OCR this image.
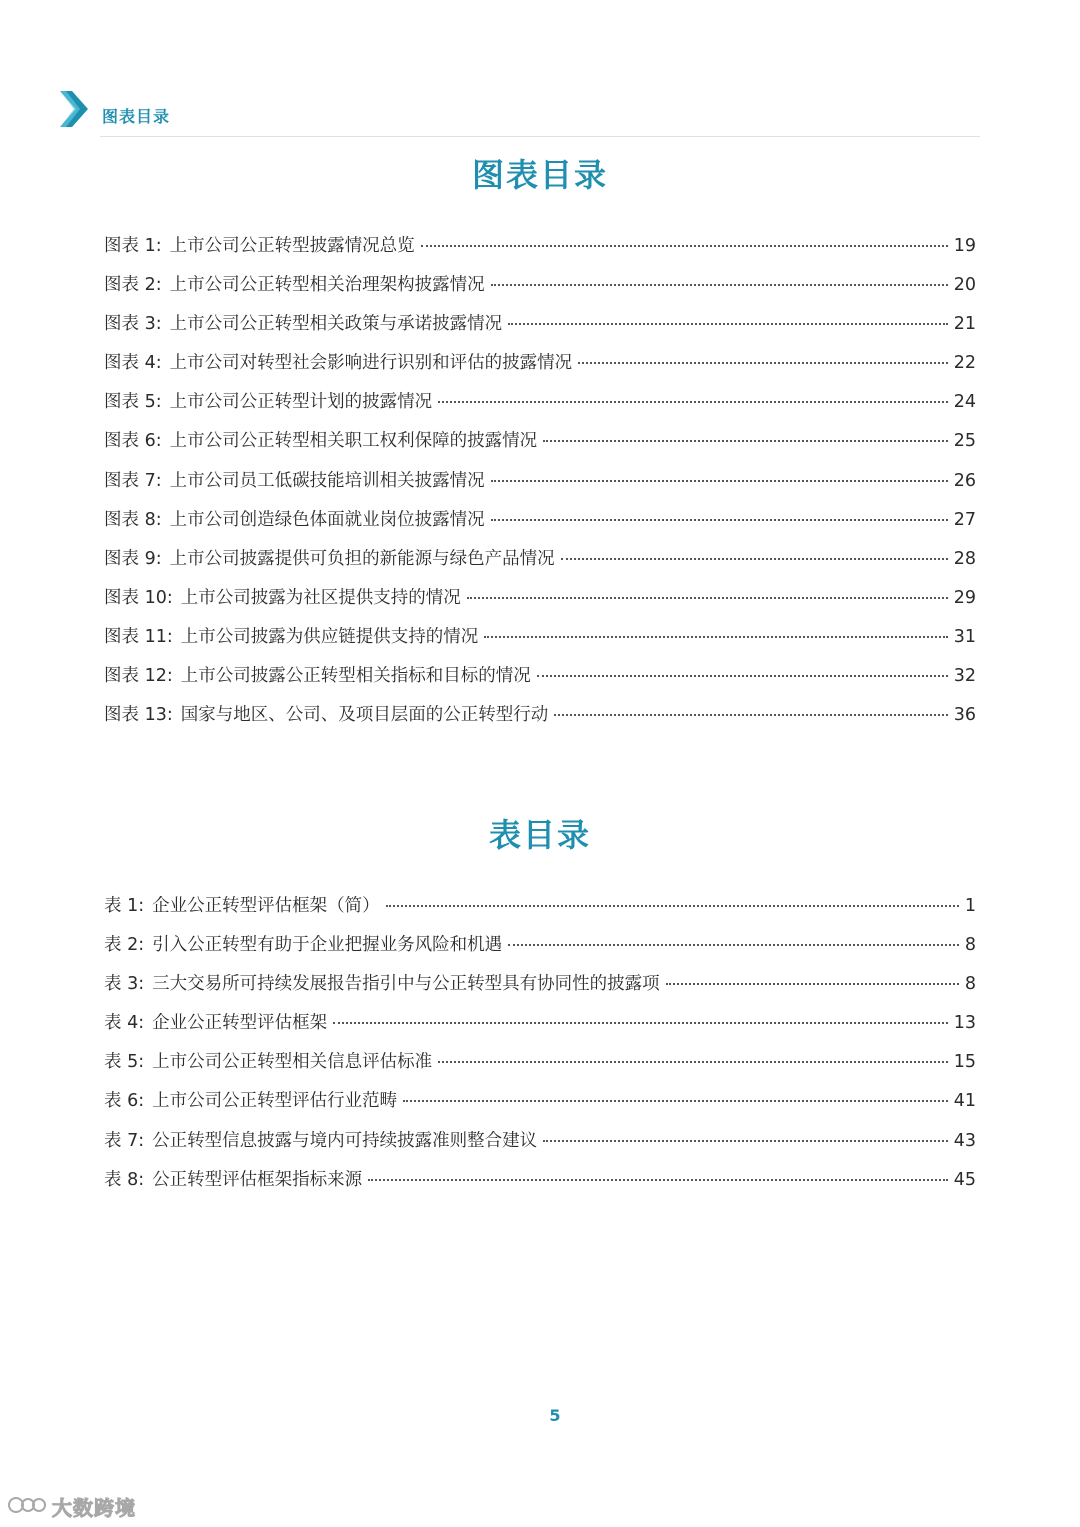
图表目录
图表目录
图表 1: 上市公司公正转型披露情况总览	19
图表 2: 上市公司公正转型相关治理架构披露情况	20
图表 3: 上市公司公正转型相关政策与承诺披露情况	21
图表 4: 上市公司对转型社会影响进行识别和评估的披露情况	22
图表 5: 上市公司公正转型计划的披露情况	24
图表 6: 上市公司公正转型相关职工权利保障的披露情况	25
图表 7: 上市公司员工低碳技能培训相关披露情况	26
图表 8: 上市公司创造绿色体面就业岗位披露情况	27
图表 9: 上市公司披露提供可负担的新能源与绿色产品情况	28
图表 10: 上市公司披露为社区提供支持的情况	29
图表 11: 上市公司披露为供应链提供支持的情况	31
图表 12: 上市公司披露公正转型相关指标和目标的情况	32
图表 13: 国家与地区、公司、及项目层面的公正转型行动	36
表目录
表 1: 企业公正转型评估框架（简）	1
表 2: 引入公正转型有助于企业把握业务风险和机遇	8
表 3: 三大交易所可持续发展报告指引中与公正转型具有协同性的披露项	8
表 4: 企业公正转型评估框架	13
表 5: 上市公司公正转型相关信息评估标准	15
表 6: 上市公司公正转型评估行业范畴	41
表 7: 公正转型信息披露与境内可持续披露准则整合建议	43
表 8: 公正转型评估框架指标来源	45
5
大数跨境
